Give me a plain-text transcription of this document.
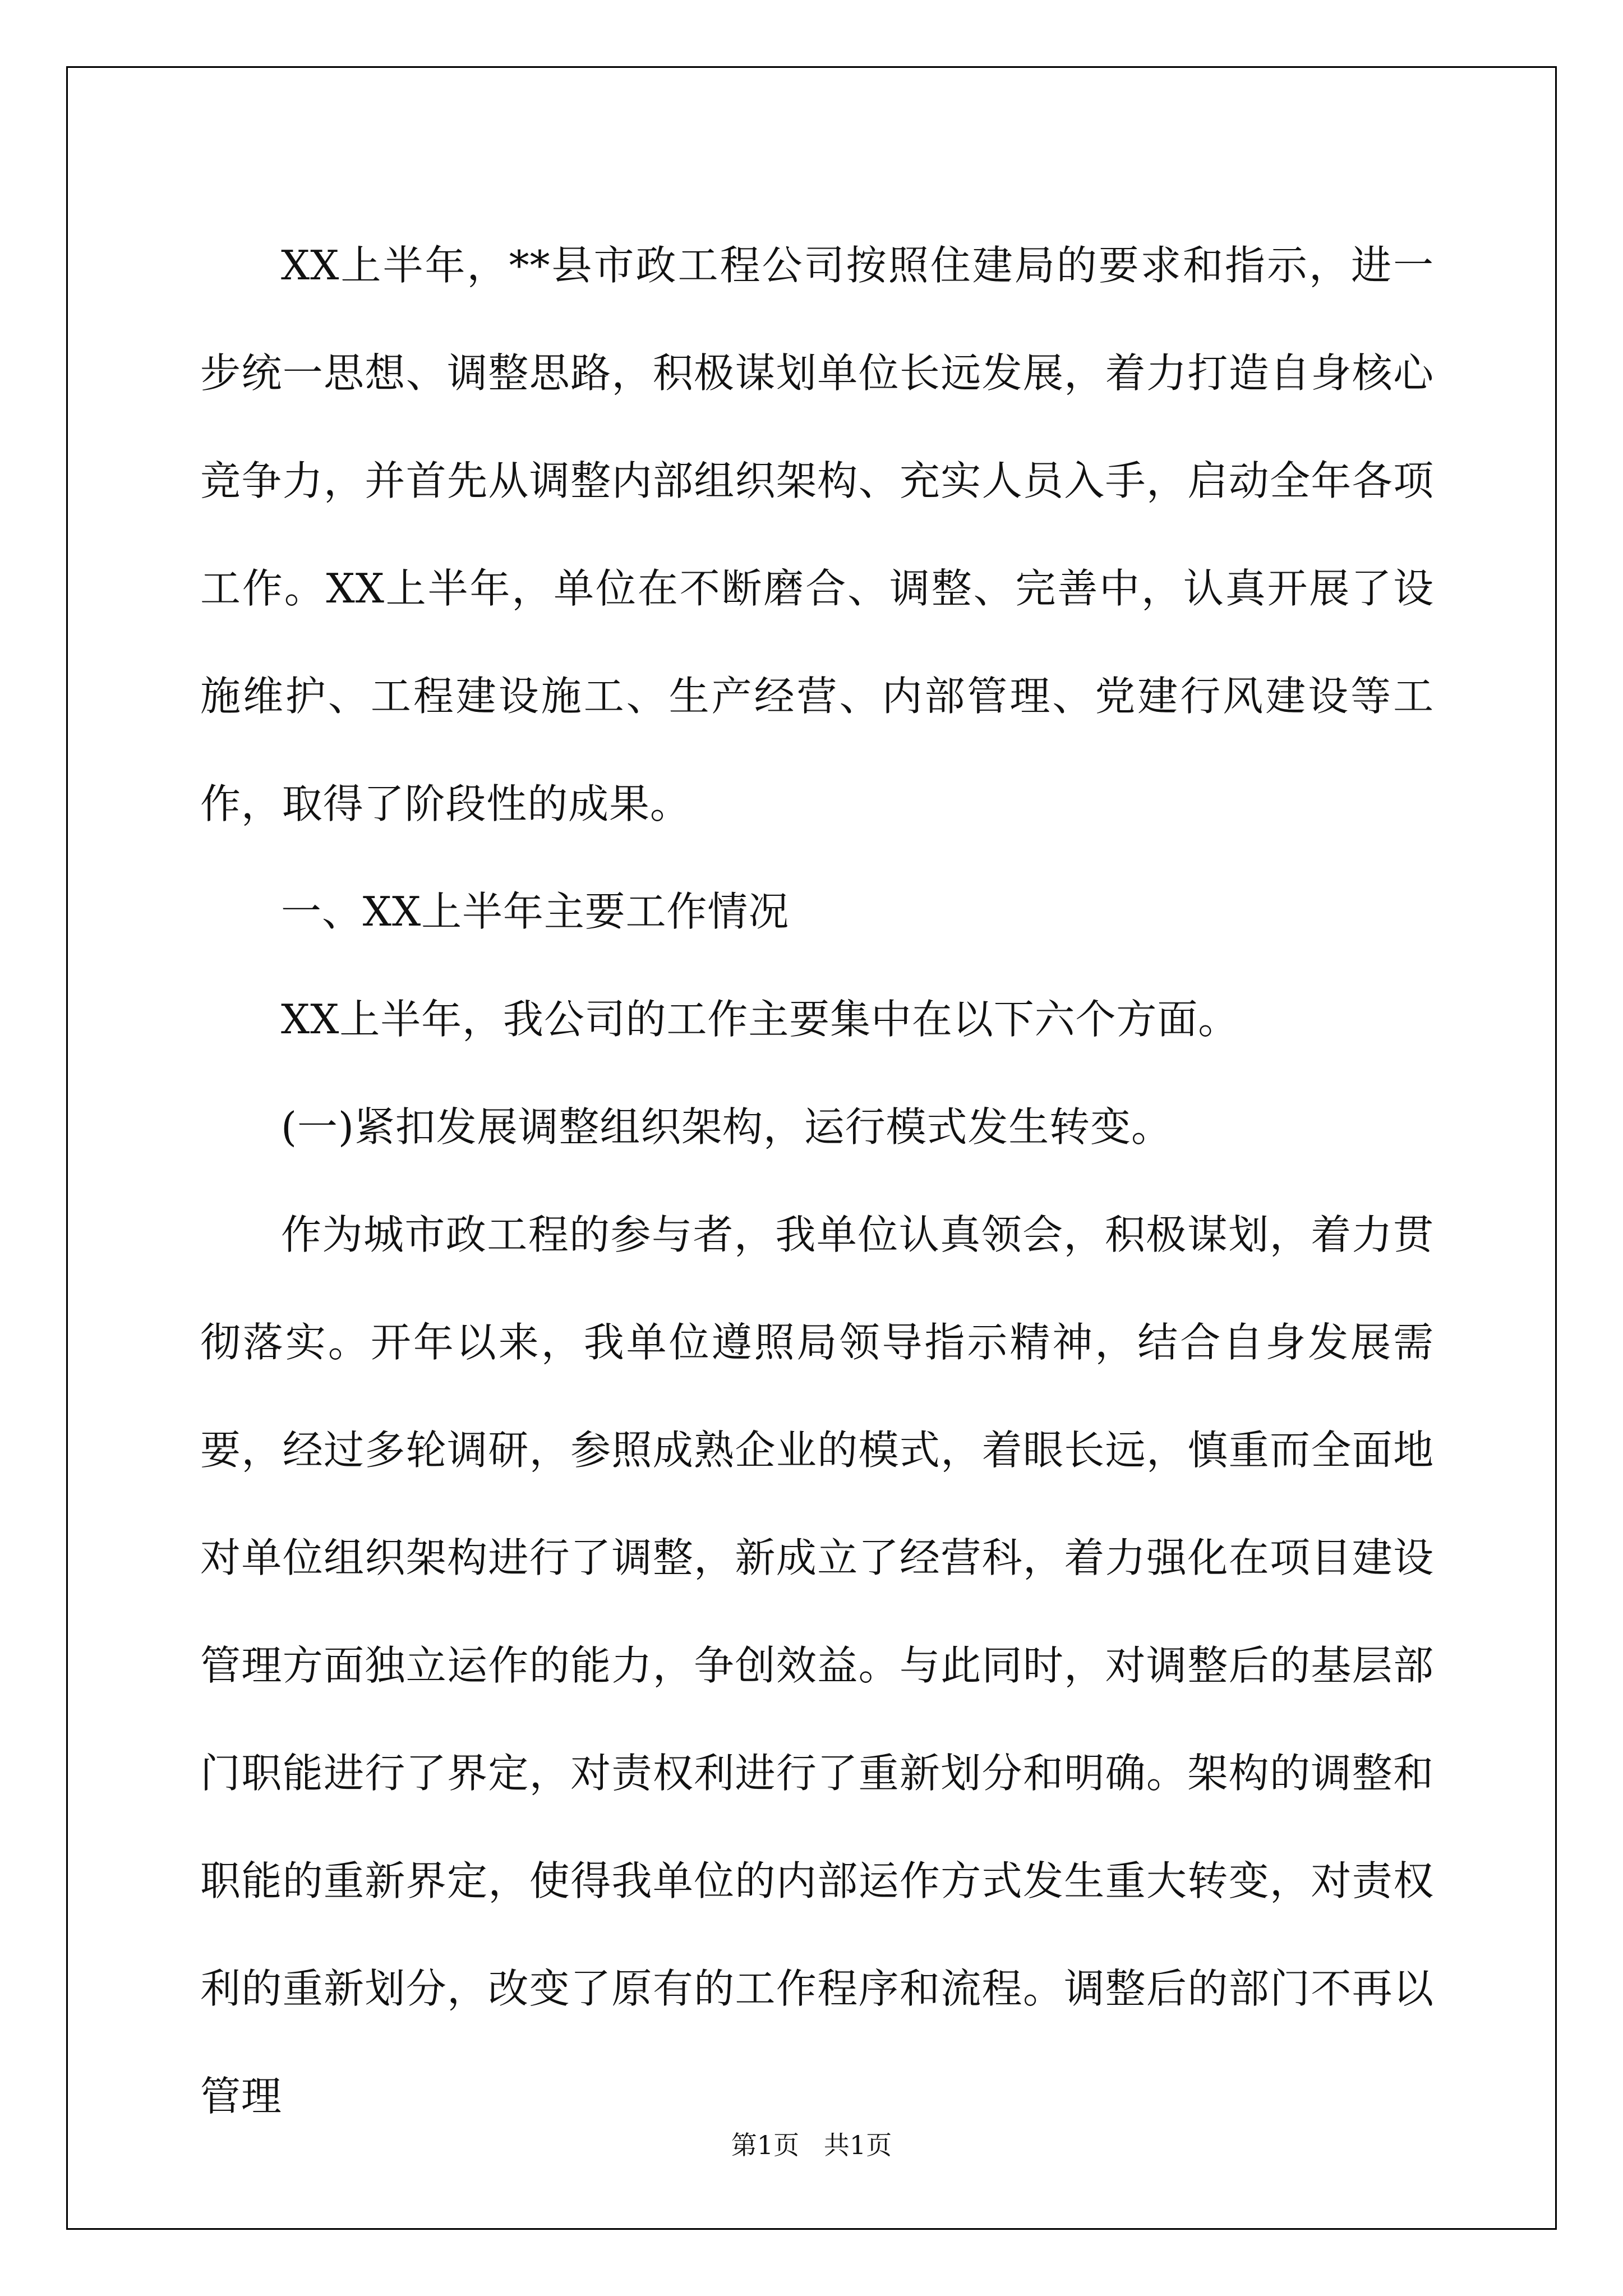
XX上半年，**县市政工程公司按照住建局的要求和指示，进一步统一思想、调整思路，积极谋划单位长远发展，着力打造自身核心竞争力，并首先从调整内部组织架构、充实人员入手，启动全年各项工作。XX上半年，单位在不断磨合、调整、完善中，认真开展了设施维护、工程建设施工、生产经营、内部管理、党建行风建设等工作，取得了阶段性的成果。

一、XX上半年主要工作情况

XX上半年，我公司的工作主要集中在以下六个方面。

(一)紧扣发展调整组织架构，运行模式发生转变。

作为城市政工程的参与者，我单位认真领会，积极谋划，着力贯彻落实。开年以来，我单位遵照局领导指示精神，结合自身发展需要，经过多轮调研，参照成熟企业的模式，着眼长远，慎重而全面地对单位组织架构进行了调整，新成立了经营科，着力强化在项目建设管理方面独立运作的能力，争创效益。与此同时，对调整后的基层部门职能进行了界定，对责权利进行了重新划分和明确。架构的调整和职能的重新界定，使得我单位的内部运作方式发生重大转变，对责权利的重新划分，改变了原有的工作程序和流程。调整后的部门不再以管理

第1页   共1页
